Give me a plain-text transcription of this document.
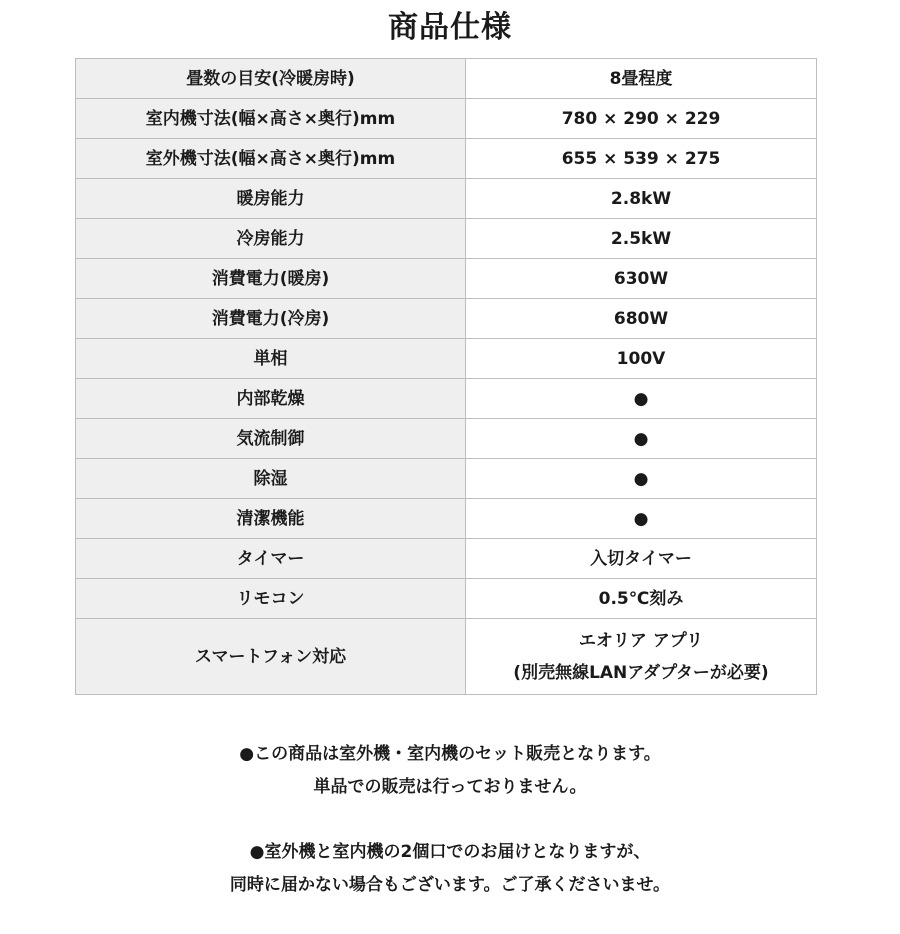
商品仕様
畳数の目安(冷暖房時)	8畳程度

室内機寸法(幅×高さ×奥行)mm	780 × 290 × 229

室外機寸法(幅×高さ×奥行)mm	655 × 539 × 275

暖房能力	2.8kW

冷房能力	2.5kW

消費電力(暖房)	630W

消費電力(冷房)	680W

単相	100V

内部乾燥	●

気流制御	●

除湿	●

清潔機能	●

タイマー	入切タイマー

リモコン	0.5℃刻み

スマートフォン対応	エオリア アプリ
(別売無線LANアダプターが必要)
●この商品は室外機・室内機のセット販売となります。
単品での販売は行っておりません。
●室外機と室内機の2個口でのお届けとなりますが、
同時に届かない場合もございます。ご了承くださいませ。
